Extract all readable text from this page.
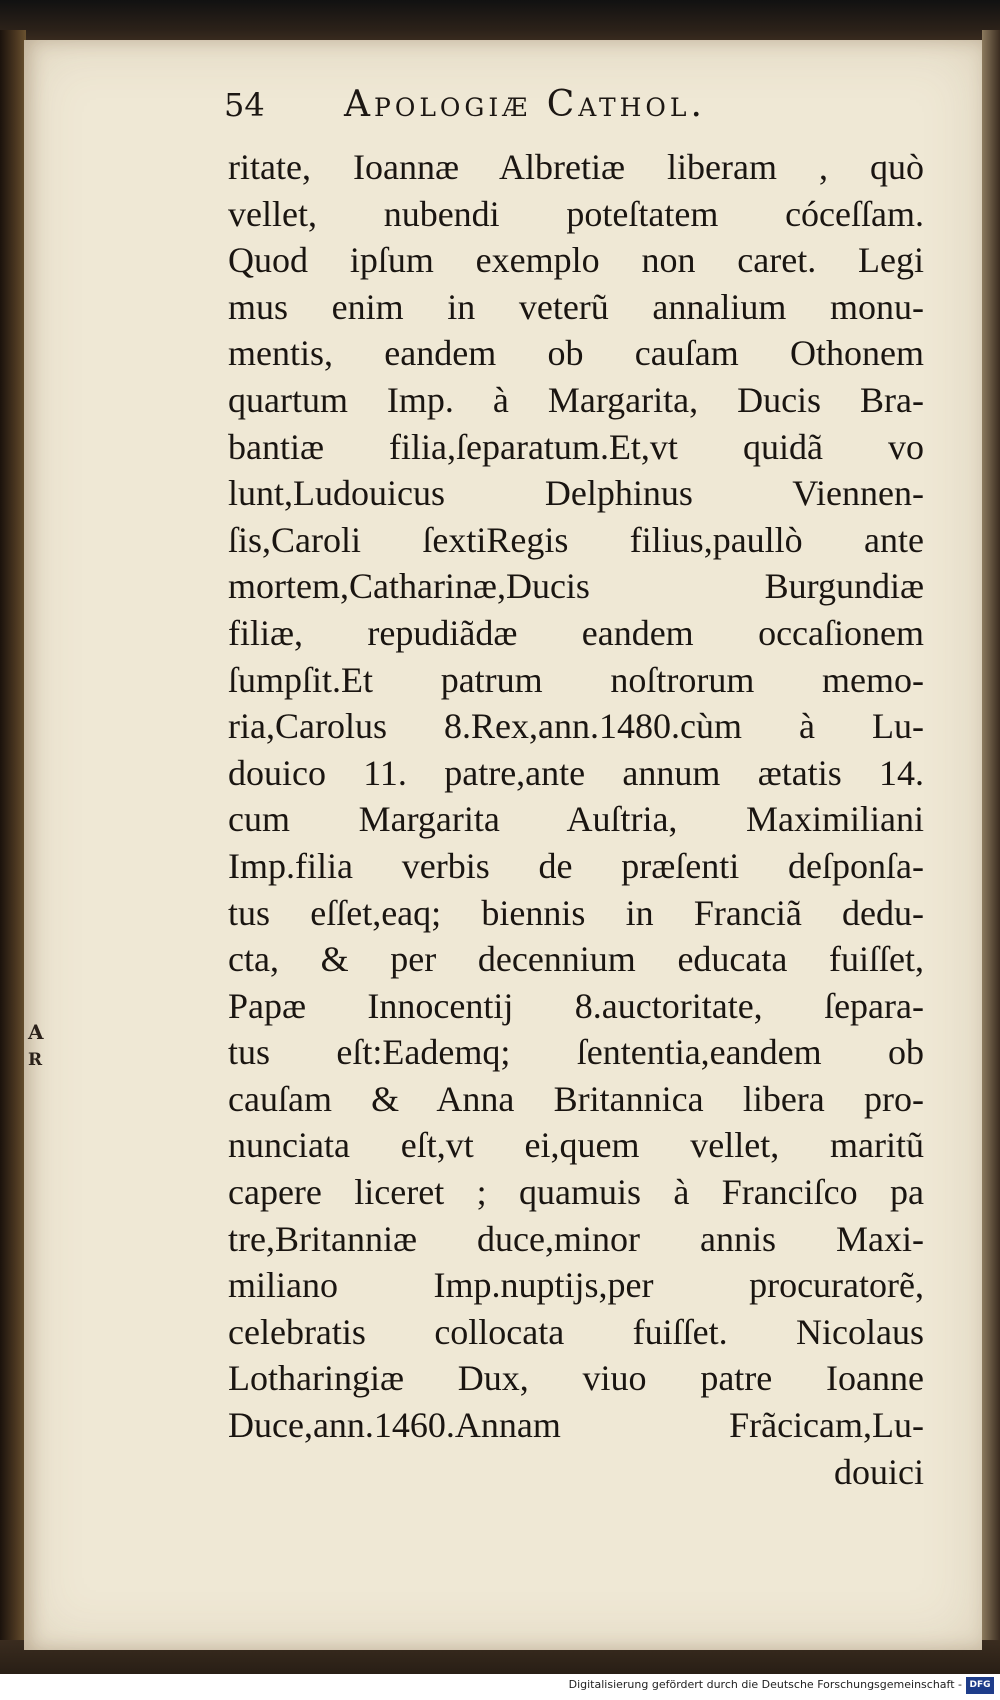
A
R
54 Apologiæ Cathol.
ritate, Ioannæ Albretiæ liberam , quò
vellet, nubendi poteſtatem cóceſſam.
Quod ipſum exemplo non caret. Legi
mus enim in veterũ annalium monu-
mentis, eandem ob cauſam Othonem
quartum Imp. à Margarita, Ducis Bra-
bantiæ filia,ſeparatum.Et,vt quidã vo
lunt,Ludouicus Delphinus Viennen-
ſis,Caroli ſextiRegis filius,paullò ante
mortem,Catharinæ,Ducis Burgundiæ
filiæ, repudiãdæ eandem occaſionem
ſumpſit.Et patrum noſtrorum memo-
ria,Carolus 8.Rex,ann.1480.cùm à Lu-
douico 11. patre,ante annum ætatis 14.
cum Margarita Auſtria, Maximiliani
Imp.filia verbis de præſenti deſponſa-
tus eſſet,eaq; biennis in Franciã dedu-
cta, & per decennium educata fuiſſet,
Papæ Innocentij 8.auctoritate, ſepara-
tus eſt:Eademq; ſententia,eandem ob
cauſam & Anna Britannica libera pro-
nunciata eſt,vt ei,quem vellet, maritũ
capere liceret ; quamuis à Franciſco pa
tre,Britanniæ duce,minor annis Maxi-
miliano Imp.nuptijs,per procuratorẽ,
celebratis collocata fuiſſet. Nicolaus
Lotharingiæ Dux, viuo patre Ioanne
Duce,ann.1460.Annam Frãcicam,Lu-
douici
Digitalisierung gefördert durch die Deutsche Forschungsgemeinschaft - DFG
